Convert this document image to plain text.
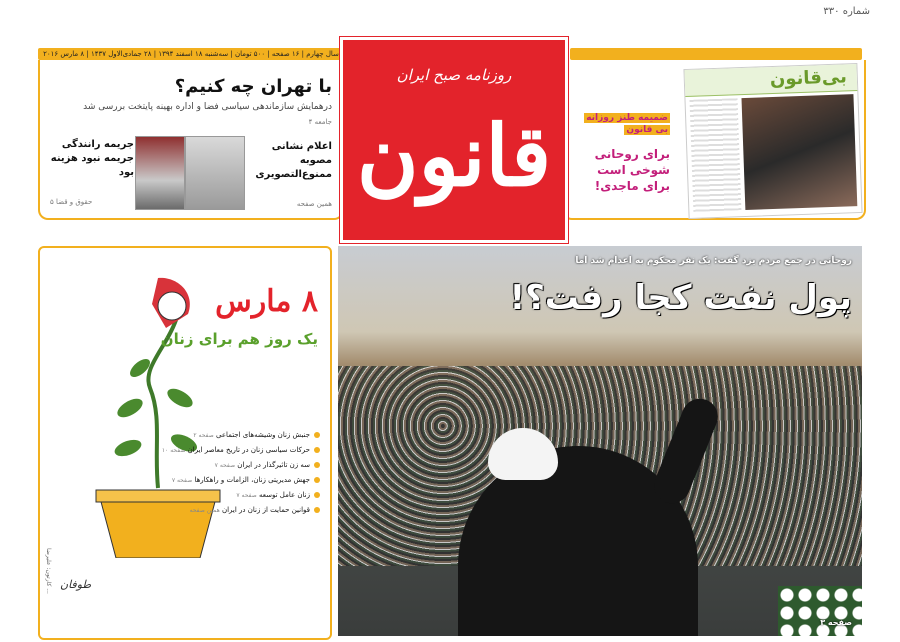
شماره ۳۳۰
سال چهارم | ۱۶ صفحه | ۵۰۰ تومان | سه‌شنبه ۱۸ اسفند ۱۳۹۴ | ۲۸ جمادی‌الاول ۱۴۳۷ | ۸ مارس ۲۰۱۶
با تهران چه کنیم؟
درهمایش سازماندهی سیاسی فضا و اداره بهینه پایتخت بررسی شد
جامعه ۴
اعلام نشانی مصوبه ممنوع‌التصویری
همین صفحه
جریمه‌ رانندگی جریمه نبود هزینه بود
حقوق و قضا ۵
بی‌قانون
ضمیمه طنز روزانه
بی قانون
برای روحانی شوخی است برای ماجدی!
روزنامه صبح ایران
قانون
۸ مارس
یک روز هم برای زنان
جنبش زنان وشیشه‌های اجتماعی صفحه ۲
حرکات سیاسی زنان در تاریخ معاصر ایران صفحه ۱۰
سه زن تاثیرگذار در ایران صفحه ۷
جهش مدیریتی زنان، الزامات و راهکارها صفحه ۷
زنان عامل توسعه صفحه ۷
قوانین حمایت از زنان در ایران همین صفحه
کارتون: علیرضا ... طوفان
روحانی در جمع مردم یزد گفت: یک نفر محکوم به اعدام شد اما
پول نفت کجا رفت؟!
صفحه ۳
